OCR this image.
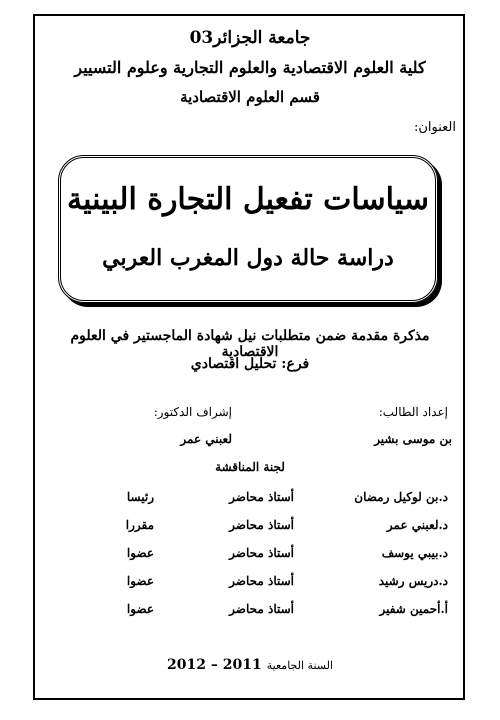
جامعة الجزائر03
كلية العلوم الاقتصادية والعلوم التجارية وعلوم التسيير
قسم العلوم الاقتصادية
العنوان:
سياسات تفعيل التجارة البينية
دراسة حالة دول المغرب العربي
مذكرة مقدمة ضمن متطلبات نيل شهادة الماجستير في العلوم الاقتصادية
فرع: تحليل اقتصادي
إعداد الطالب:
إشراف الدكتور:
بن موسى بشير
لعبني عمر
لجنة المناقشة
د.بن لوكيل رمضان
أستاذ محاضر
رئيسا
د.لعبني عمر
أستاذ محاضر
مقررا
د.بيبي يوسف
أستاذ محاضر
عضوا
د.دريس رشيد
أستاذ محاضر
عضوا
أ.أحمين شفير
أستاذ محاضر
عضوا
السنة الجامعية 2011 – 2012
